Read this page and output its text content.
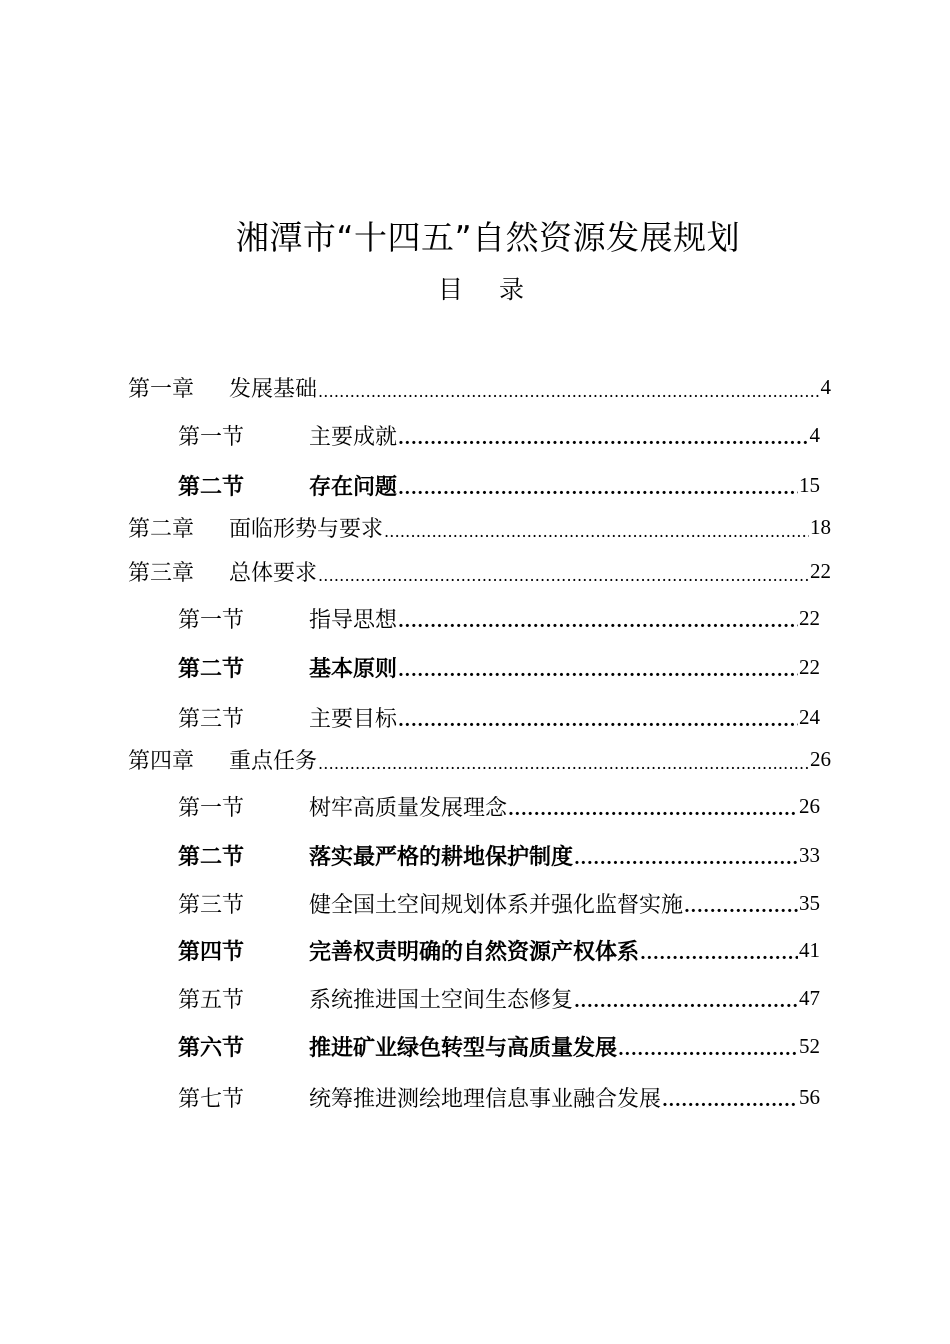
湘潭市“十四五”自然资源发展规划
目 录
第一章	发展基础 .....	4
第一节	主要成就 .....	4
第二节	存在问题 .....	15
第二章	面临形势与要求 .....	18
第三章	总体要求 .....	22
第一节	指导思想 .....	22
第二节	基本原则 .....	22
第三节	主要目标 .....	24
第四章	重点任务 .....	26
第一节	树牢高质量发展理念 .....	26
第二节	落实最严格的耕地保护制度 .....	33
第三节	健全国土空间规划体系并强化监督实施 .....	35
第四节	完善权责明确的自然资源产权体系 .....	41
第五节	系统推进国土空间生态修复 .....	47
第六节	推进矿业绿色转型与高质量发展 .....	52
第七节	统筹推进测绘地理信息事业融合发展 .....	56
